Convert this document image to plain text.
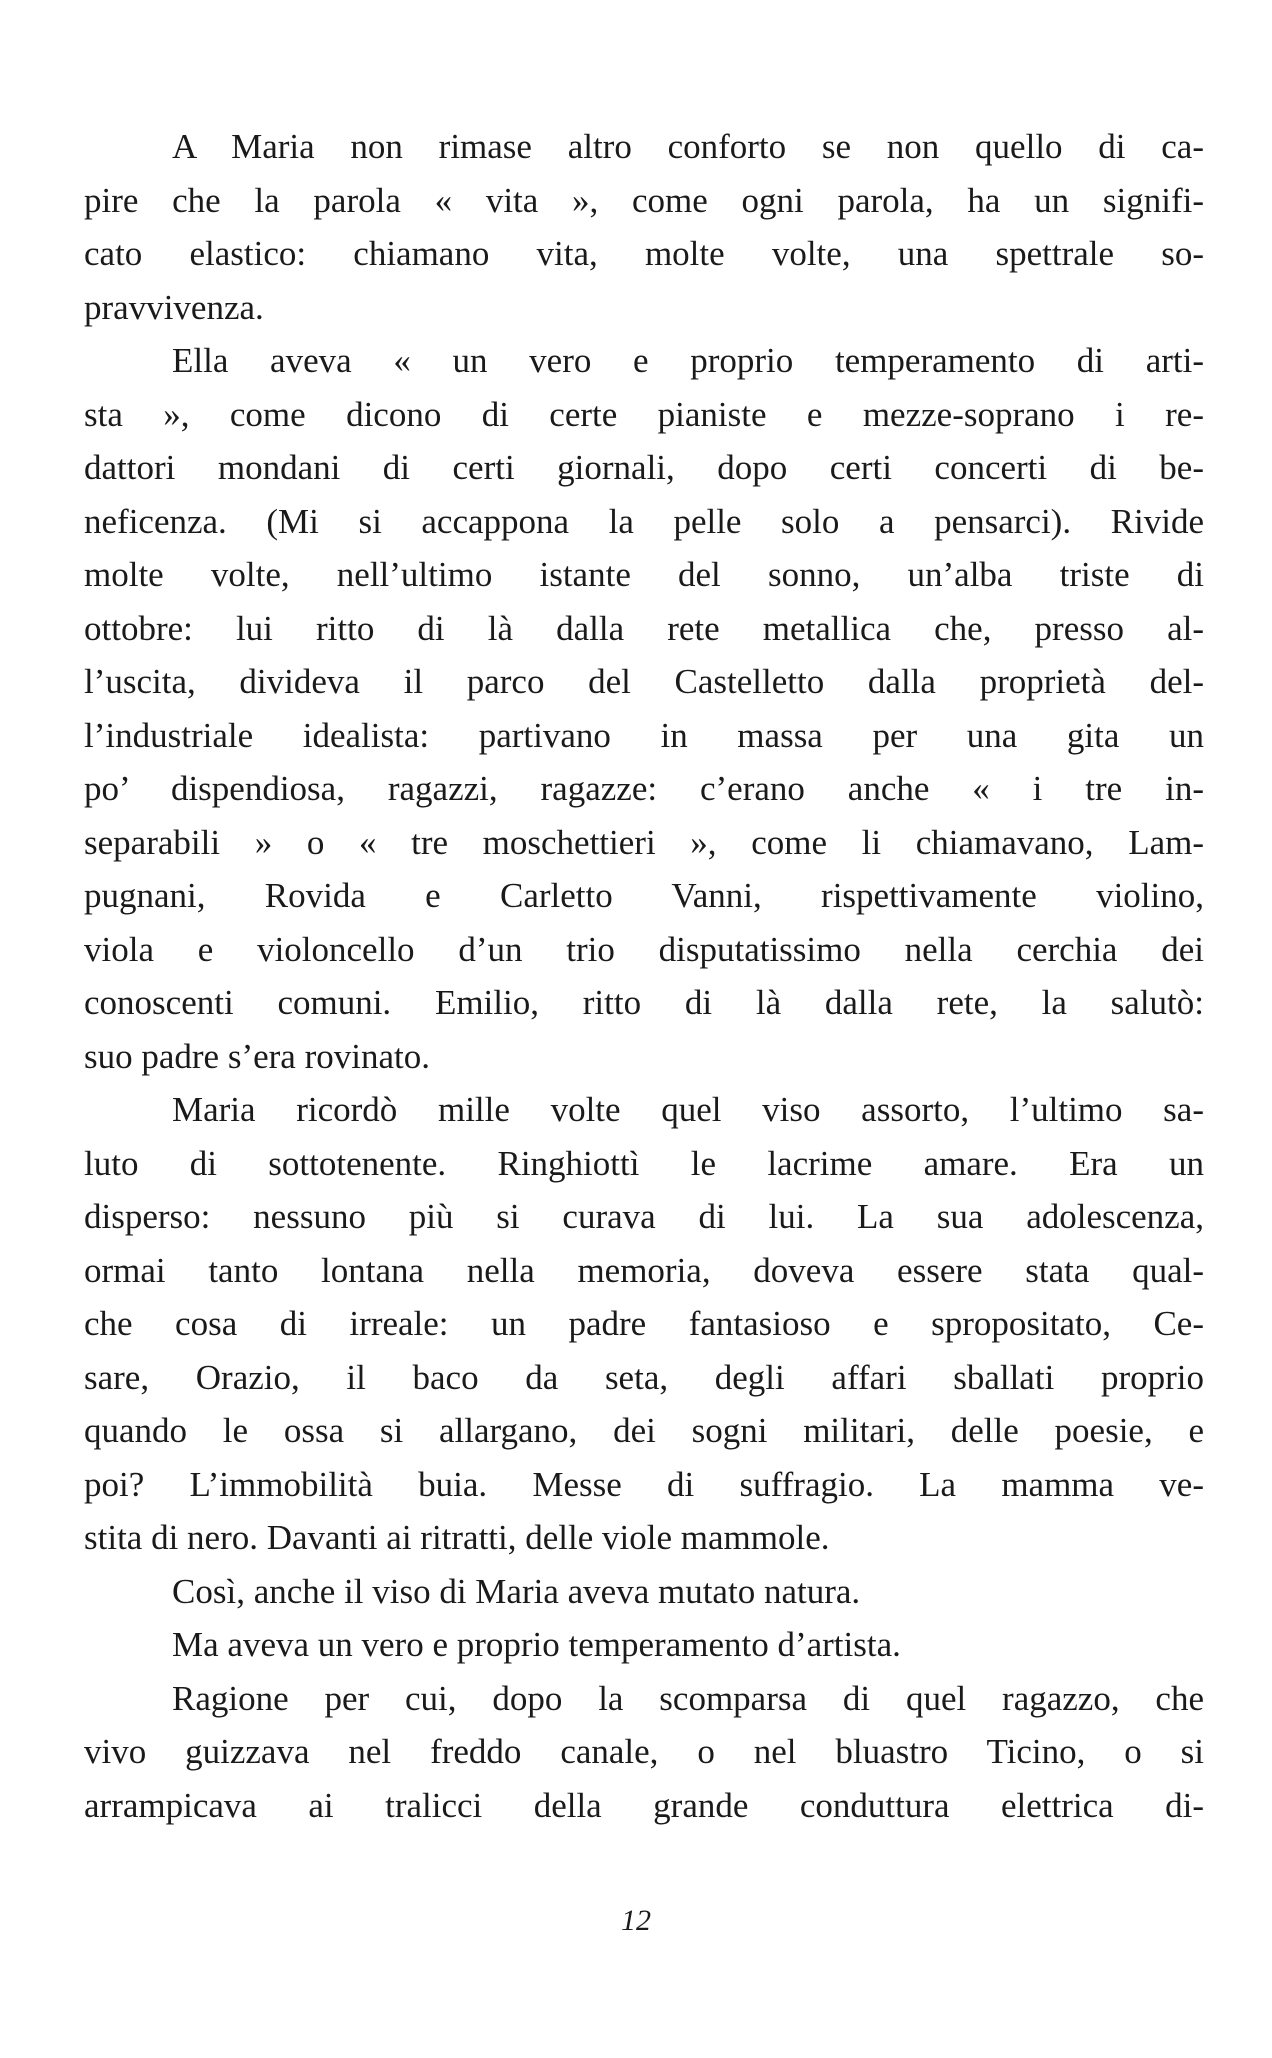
A Maria non rimase altro conforto se non quello di ca-
pire che la parola « vita », come ogni parola, ha un signifi-
cato elastico: chiamano vita, molte volte, una spettrale so-
pravvivenza.
Ella aveva « un vero e proprio temperamento di arti-
sta », come dicono di certe pianiste e mezze-soprano i re-
dattori mondani di certi giornali, dopo certi concerti di be-
neficenza. (Mi si accappona la pelle solo a pensarci). Rivide
molte volte, nell’ultimo istante del sonno, un’alba triste di
ottobre: lui ritto di là dalla rete metallica che, presso al-
l’uscita, divideva il parco del Castelletto dalla proprietà del-
l’industriale idealista: partivano in massa per una gita un
po’ dispendiosa, ragazzi, ragazze: c’erano anche « i tre in-
separabili » o « tre moschettieri », come li chiamavano, Lam-
pugnani, Rovida e Carletto Vanni, rispettivamente violino,
viola e violoncello d’un trio disputatissimo nella cerchia dei
conoscenti comuni. Emilio, ritto di là dalla rete, la salutò:
suo padre s’era rovinato.
Maria ricordò mille volte quel viso assorto, l’ultimo sa-
luto di sottotenente. Ringhiottì le lacrime amare. Era un
disperso: nessuno più si curava di lui. La sua adolescenza,
ormai tanto lontana nella memoria, doveva essere stata qual-
che cosa di irreale: un padre fantasioso e spropositato, Ce-
sare, Orazio, il baco da seta, degli affari sballati proprio
quando le ossa si allargano, dei sogni militari, delle poesie, e
poi? L’immobilità buia. Messe di suffragio. La mamma ve-
stita di nero. Davanti ai ritratti, delle viole mammole.
Così, anche il viso di Maria aveva mutato natura.
Ma aveva un vero e proprio temperamento d’artista.
Ragione per cui, dopo la scomparsa di quel ragazzo, che
vivo guizzava nel freddo canale, o nel bluastro Ticino, o si
arrampicava ai tralicci della grande conduttura elettrica di-
12
